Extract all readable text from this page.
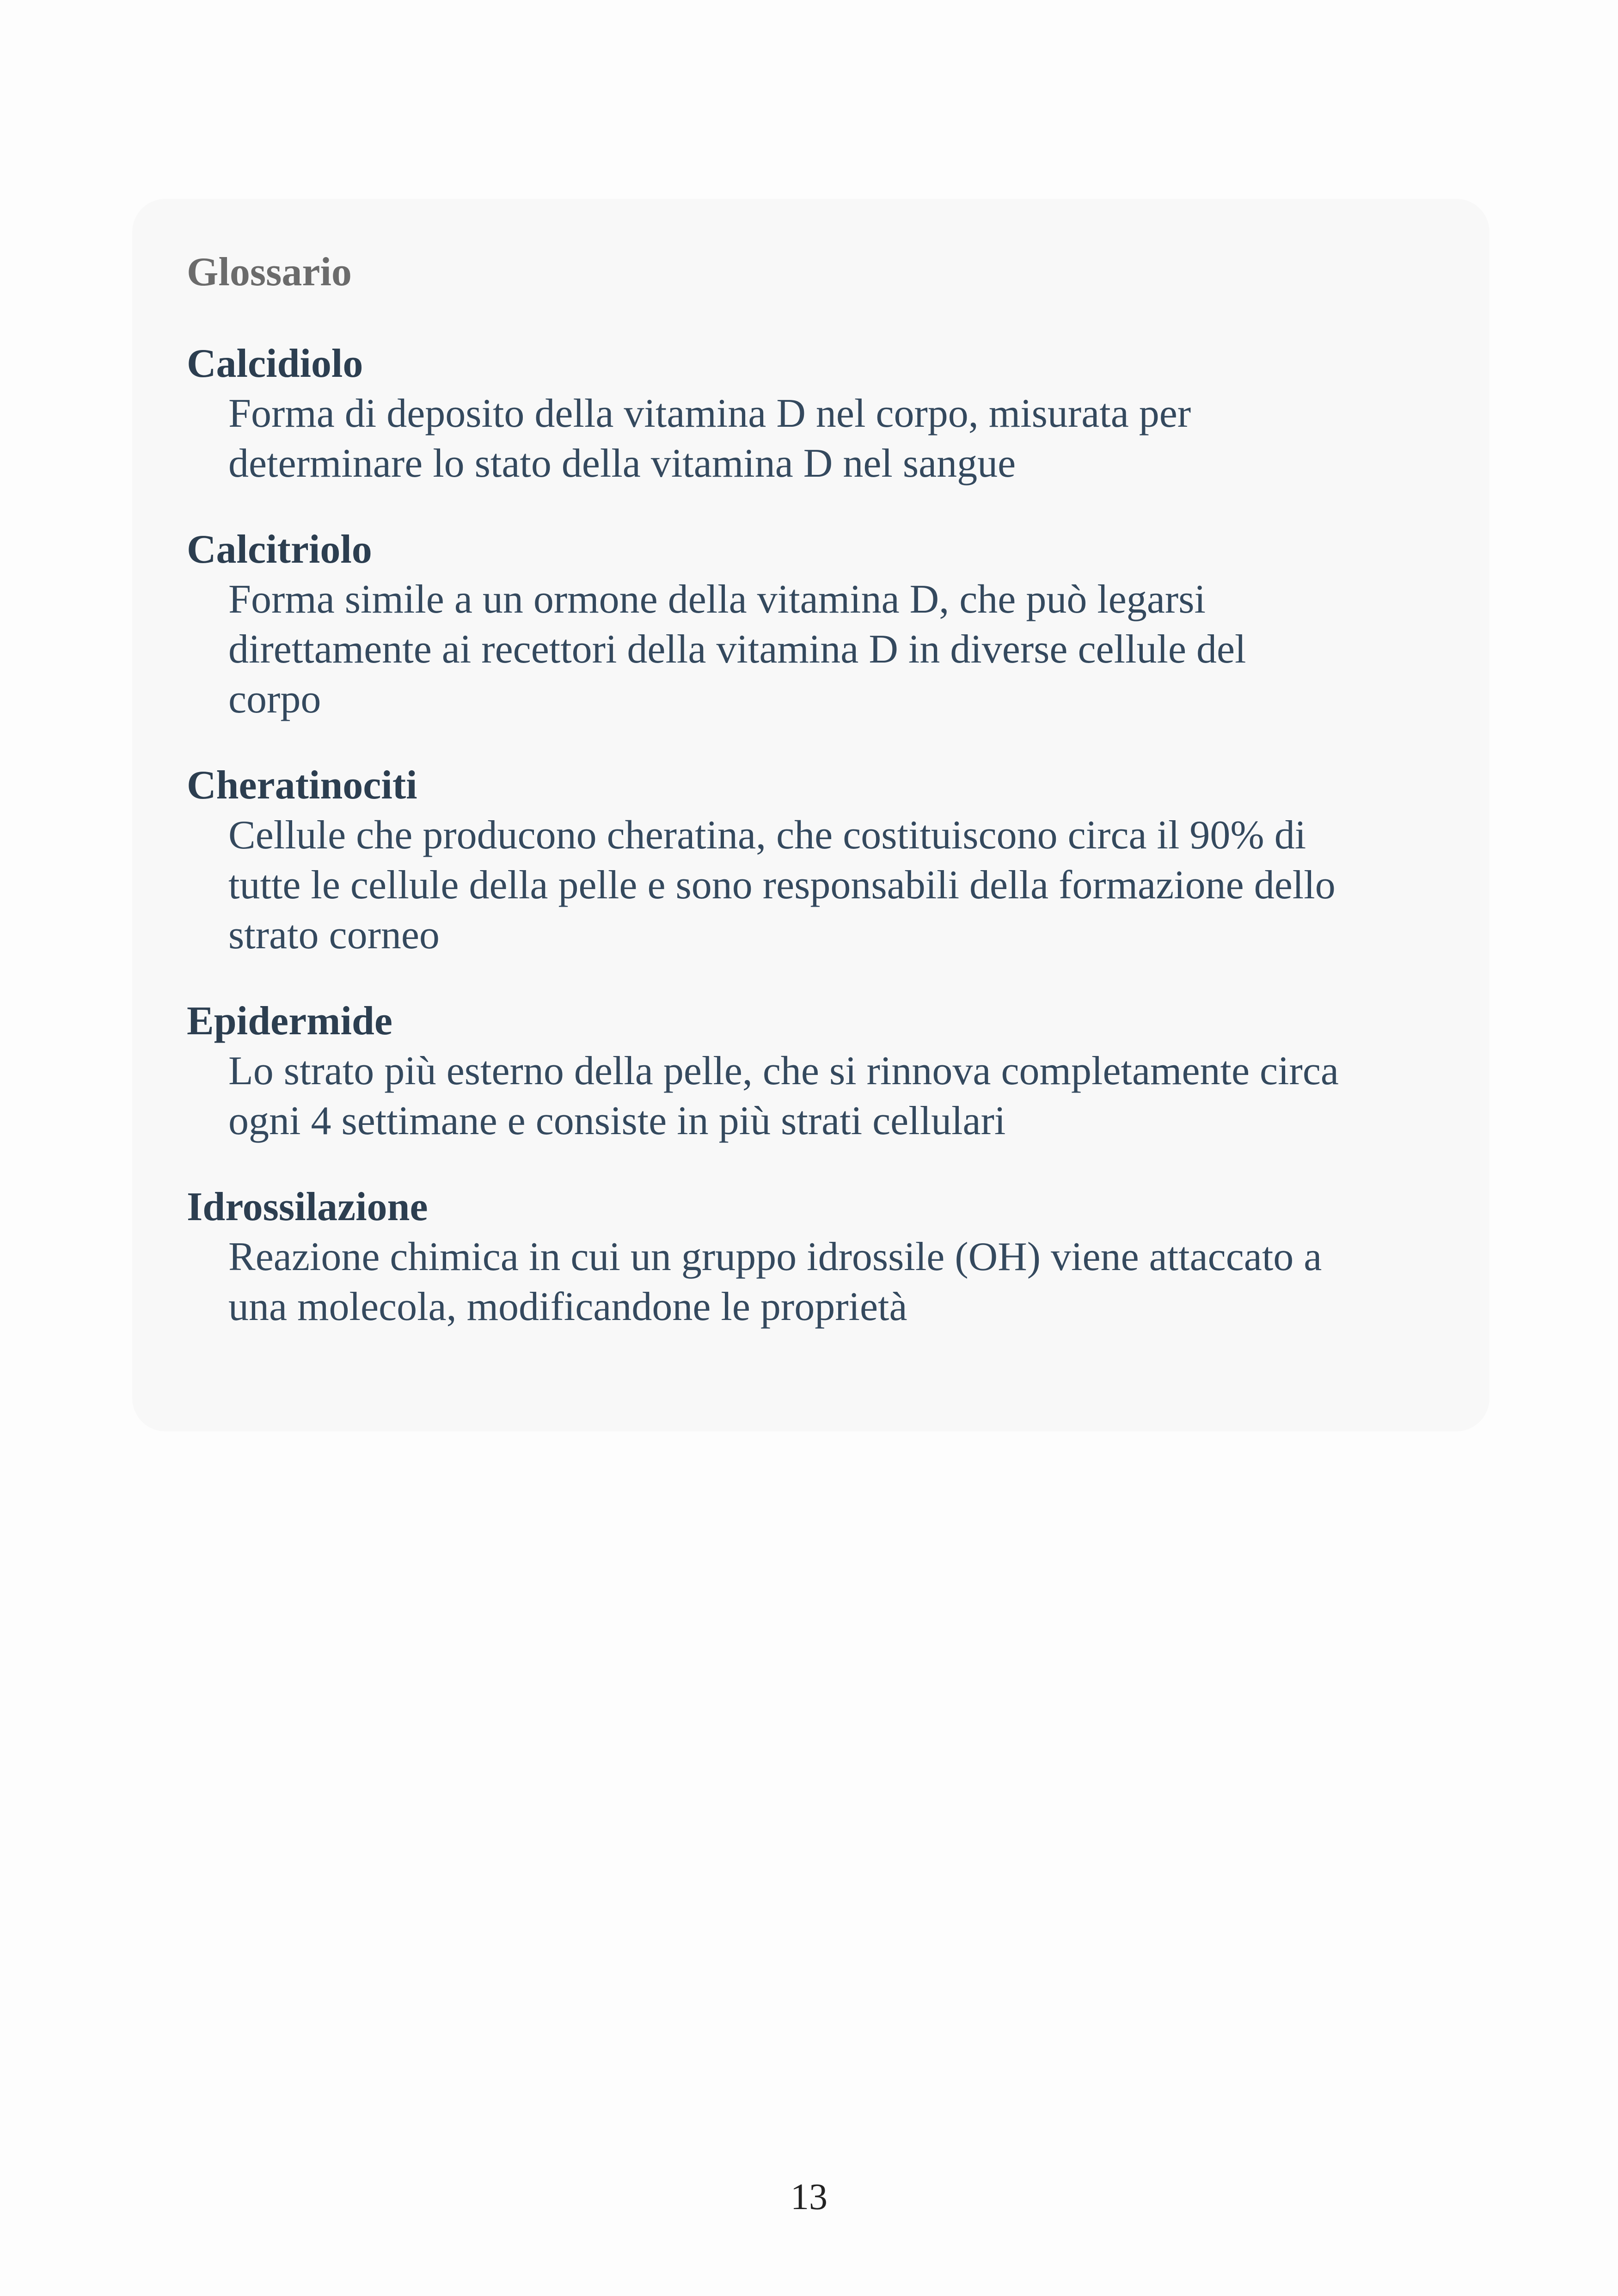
Glossario
Calcidiolo
Forma di deposito della vitamina D nel corpo, misurata per
determinare lo stato della vitamina D nel sangue
Calcitriolo
Forma simile a un ormone della vitamina D, che può legarsi
direttamente ai recettori della vitamina D in diverse cellule del
corpo
Cheratinociti
Cellule che producono cheratina, che costituiscono circa il 90% di
tutte le cellule della pelle e sono responsabili della formazione dello
strato corneo
Epidermide
Lo strato più esterno della pelle, che si rinnova completamente circa
ogni 4 settimane e consiste in più strati cellulari
Idrossilazione
Reazione chimica in cui un gruppo idrossile (OH) viene attaccato a
una molecola, modificandone le proprietà
13
